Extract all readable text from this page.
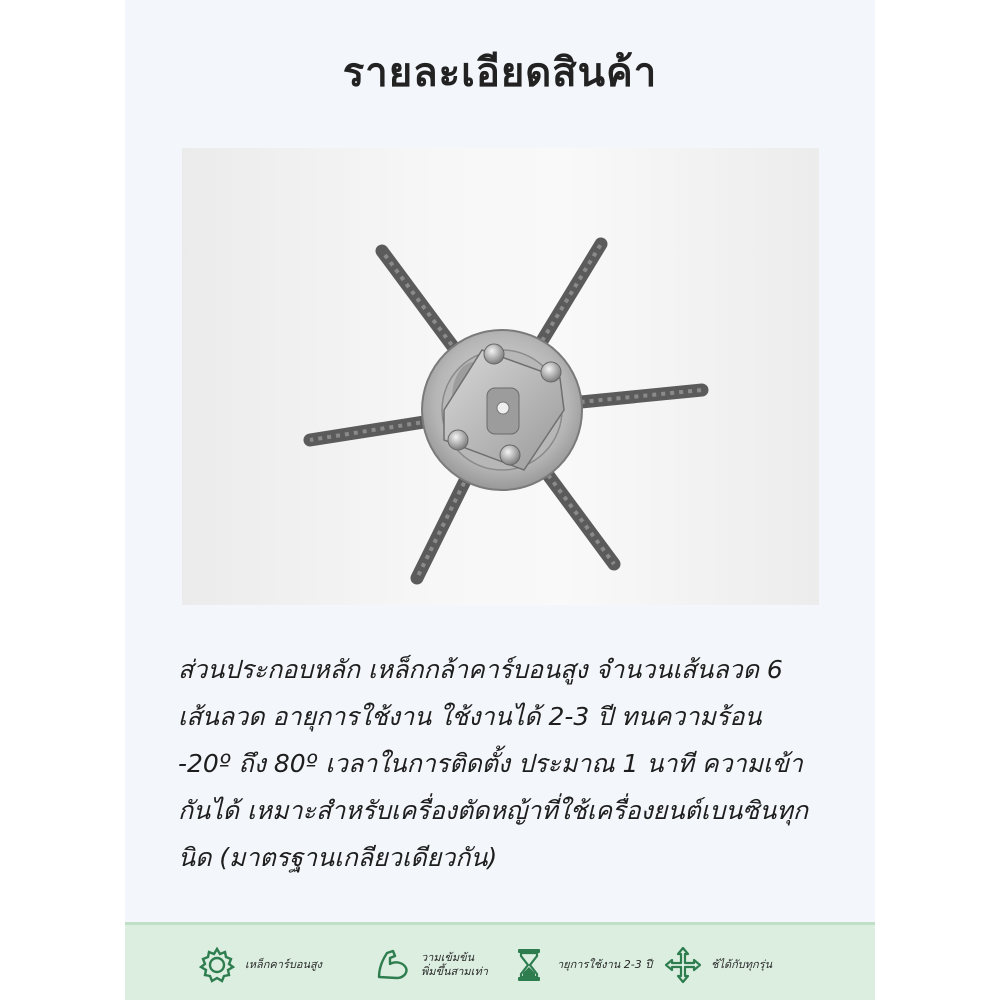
รายละเอียดสินค้า
ส่วนประกอบหลัก เหล็กกล้าคาร์บอนสูง จำนวนเส้นลวด 6
เส้นลวด อายุการใช้งาน ใช้งานได้ 2-3 ปี ทนความร้อน
-20º ถึง 80º เวลาในการติดตั้ง ประมาณ 1 นาที ความเข้า
กันได้ เหมาะสำหรับเครื่องตัดหญ้าที่ใช้เครื่องยนต์เบนซินทุก
นิด (มาตรฐานเกลียวเดียวกัน)
เหล็กคาร์บอนสูง
วามเข้มข้น
พิ่มขึ้นสามเท่า
ายุการใช้งาน 2-3 ปี	ช้ได้กับทุกรุ่น
